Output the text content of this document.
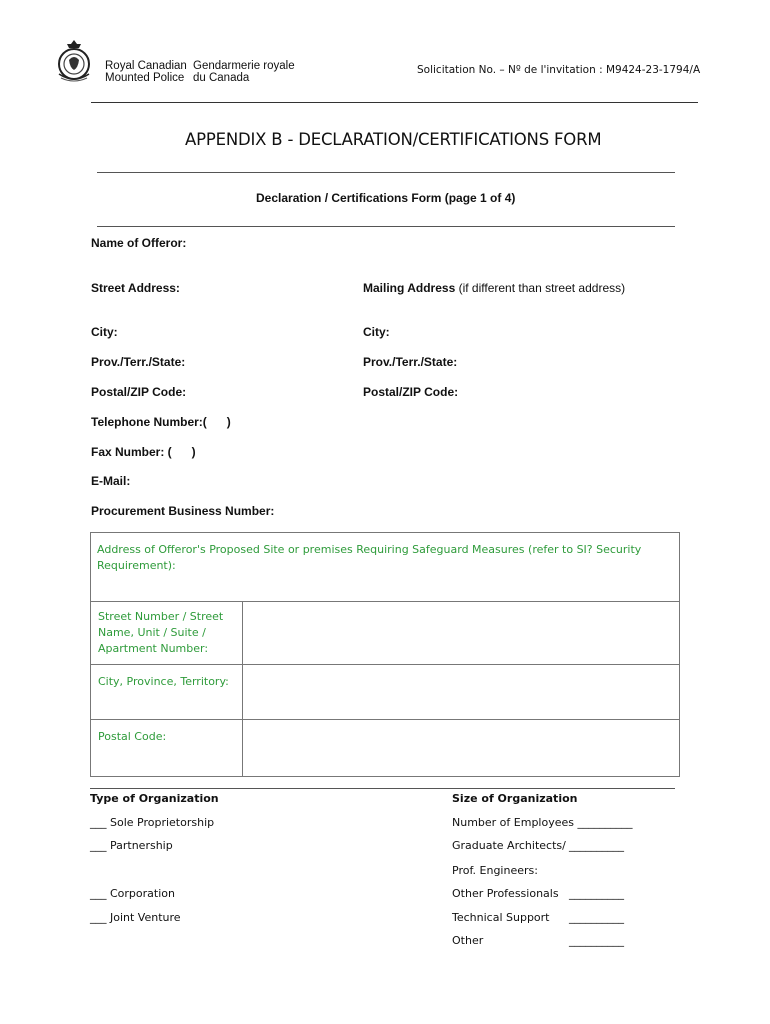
Royal Canadian
Mounted Police
Gendarmerie royale
du Canada
Solicitation No. – Nº de l'invitation : M9424-23-1794/A
APPENDIX B - DECLARATION/CERTIFICATIONS FORM
Declaration / Certifications Form (page 1 of 4)
Name of Offeror:
Street Address:	Mailing Address (if different than street address)
City:	City:
Prov./Terr./State:	Prov./Terr./State:
Postal/ZIP Code:	Postal/ZIP Code:
Telephone Number:(      )
Fax Number: (      )
E-Mail:
Procurement Business Number:
Address of Offeror's Proposed Site or premises Requiring Safeguard Measures (refer to SI? Security Requirement):
Street Number / Street
Name, Unit / Suite /
Apartment Number:
City, Province, Territory:
Postal Code:
Type of Organization	Size of Organization
___ Sole Proprietorship
___ Partnership
___ Corporation
___ Joint Venture
Number of Employees __________
Graduate Architects/ __________
Prof. Engineers:
Other Professionals __________
Technical Support __________
Other	__________
